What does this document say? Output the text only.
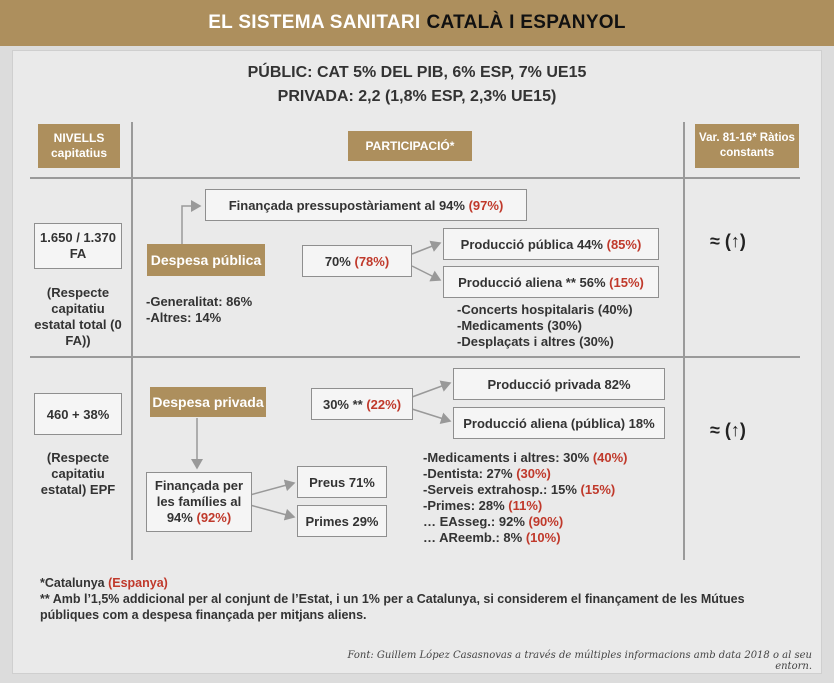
EL SISTEMA SANITARI CATALÀ I ESPANYOL
PÚBLIC: CAT 5% DEL PIB, 6% ESP, 7% UE15
PRIVADA: 2,2 (1,8% ESP, 2,3% UE15)
NIVELLS capitatius	PARTICIPACIÓ*
Var. 81-16* Ràtios constants
1.650 / 1.370 FA
(Respecte capitatiu estatal total (0 FA))
Despesa pública
Finançada pressupostàriament al 94%
(97%)
70%
(78%)
Producció pública 44%
(85%)
Producció aliena ** 56%
(15%)
-Generalitat: 86%
-Altres: 14%
-Concerts hospitalaris (40%)
-Medicaments (30%)
-Desplaçats i altres (30%)
≈ (↑)
460 + 38%
(Respecte capitatiu estatal) EPF
Despesa privada	30% **
(22%)
Producció privada 82%
Producció aliena (pública) 18%
Finançada per les famílies al 94% (92%)
Preus 71%
Primes 29%
-Medicaments i altres: 30% (40%)
-Dentista: 27% (30%)
-Serveis extrahosp.: 15% (15%)
-Primes: 28% (11%)
… EAsseg.: 92% (90%)
… AReemb.: 8% (10%)
≈ (↑)
*Catalunya (Espanya)
** Amb l’1,5% addicional per al conjunt de l’Estat, i un 1% per a Catalunya, si considerem el finançament de les Mútues públiques com a despesa finançada per mitjans aliens.
Font: Guillem López Casasnovas a través de múltiples informacions amb data 2018 o al seu entorn.
